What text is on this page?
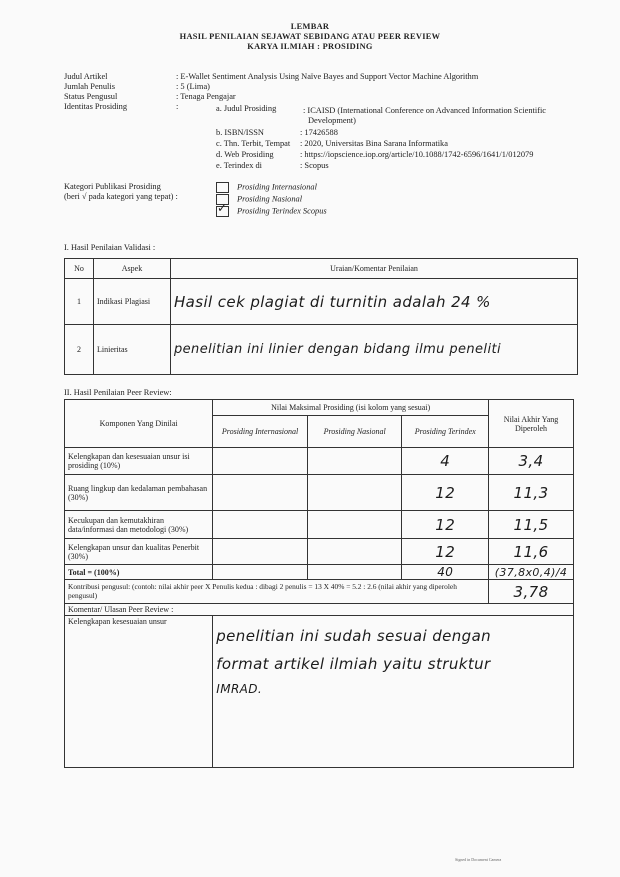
LEMBAR
HASIL PENILAIAN SEJAWAT SEBIDANG ATAU PEER REVIEW
KARYA ILMIAH : PROSIDING
Judul Artikel	: E-Wallet Sentiment Analysis Using Naïve Bayes and Support Vector Machine Algorithm
Jumlah Penulis	: 5 (Lima)
Status Pengusul	: Tenaga Pengajar
Identitas Prosiding	:	a. Judul Prosiding	: ICAISD (International Conference on Advanced Information Scientific
Development)
b. ISBN/ISSN	: 17426588
c. Thn. Terbit, Tempat : 2020, Universitas Bina Sarana Informatika
d. Web Prosiding	: https://iopscience.iop.org/article/10.1088/1742-6596/1641/1/012079
e. Terindex di	: Scopus
Kategori Publikasi Prosiding
(beri √ pada kategori yang tepat) :
Prosiding Internasional
Prosiding Nasional
✓ Prosiding Terindex Scopus
I. Hasil Penilaian Validasi :
No	Aspek	Uraian/Komentar Penilaian
1	Indikasi Plagiasi	Hasil cek plagiat di turnitin adalah 24 %
2	Linieritas	penelitian ini linier dengan bidang ilmu peneliti
II. Hasil Penilaian Peer Review:
Komponen Yang Dinilai	Nilai Maksimal Prosiding (isi kolom yang sesuai)			Nilai Akhir Yang Diperoleh
	Prosiding Internasional	Prosiding Nasional	Prosiding Terindex	
Kelengkapan dan kesesuaian unsur isi prosiding (10%)			4	3,4
Ruang lingkup dan kedalaman pembahasan (30%)			12	11,3
Kecukupan dan kemutakhiran data/informasi dan metodologi (30%)			12	11,5
Kelengkapan unsur dan kualitas Penerbit (30%)			12	11,6
Total = (100%)			40	(37,8x0,4)/4
Kontribusi pengusul: (contoh: nilai akhir peer X Penulis kedua : dibagi 2 penulis = 13 X 40% = 5.2 : 2.6 (nilai akhir yang diperoleh pengusul)				3,78
Komentar/ Ulasan Peer Review :				
Kelengkapan kesesuaian unsur	penelitian ini sudah sesuai dengan
format artikel ilmiah yaitu struktur
IMRAD.			
Signed in Document Camera
